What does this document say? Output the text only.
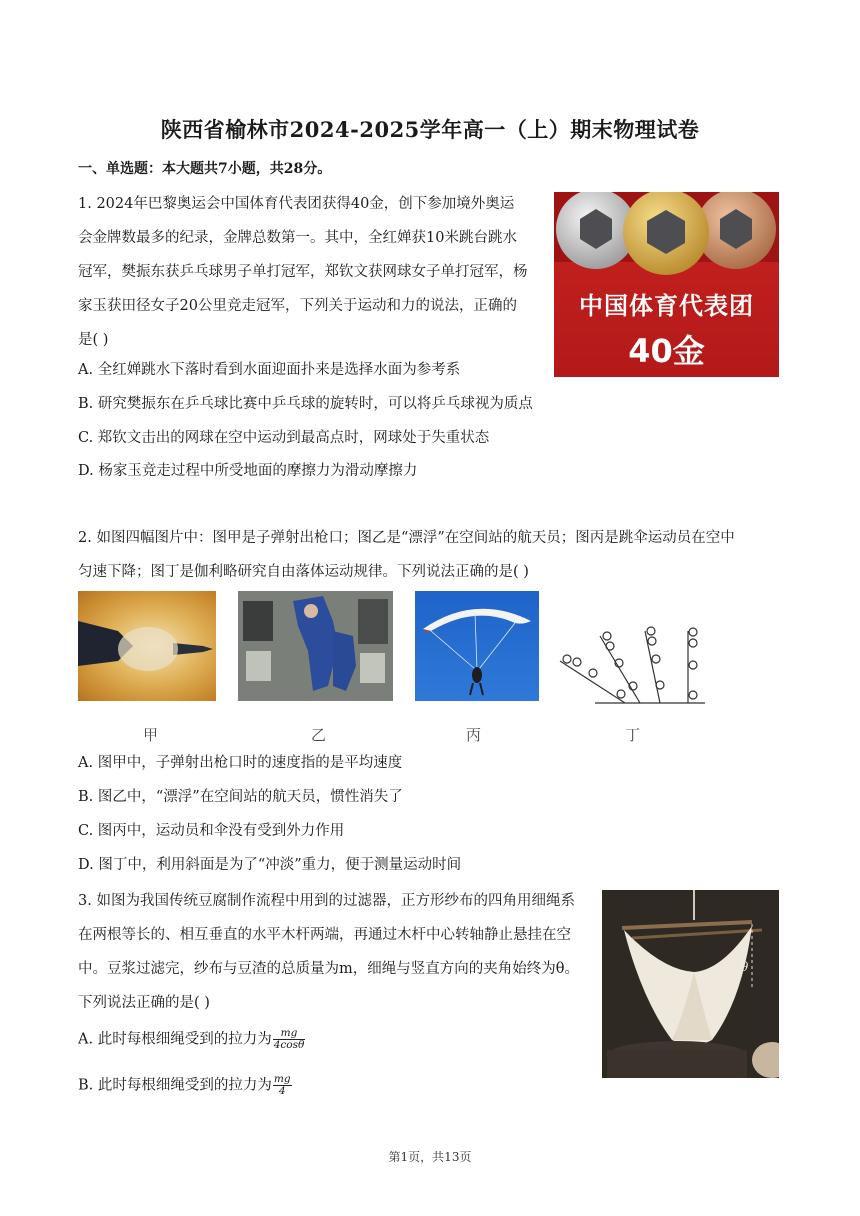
陕西省榆林市2024-2025学年高一（上）期末物理试卷
一、单选题：本大题共7小题，共28分。
1. 2024年巴黎奥运会中国体育代表团获得40金，创下参加境外奥运
会金牌数最多的纪录，金牌总数第一。其中，全红婵获10米跳台跳水
冠军，樊振东获乒乓球男子单打冠军，郑钦文获网球女子单打冠军，杨
家玉获田径女子20公里竞走冠军，下列关于运动和力的说法，正确的
是( )
A. 全红婵跳水下落时看到水面迎面扑来是选择水面为参考系
B. 研究樊振东在乒乓球比赛中乒乓球的旋转时，可以将乒乓球视为质点
C. 郑钦文击出的网球在空中运动到最高点时，网球处于失重状态
D. 杨家玉竞走过程中所受地面的摩擦力为滑动摩擦力
中国体育代表团
40金
2. 如图四幅图片中：图甲是子弹射出枪口；图乙是“漂浮”在空间站的航天员；图丙是跳伞运动员在空中
匀速下降；图丁是伽利略研究自由落体运动规律。下列说法正确的是( )
甲	乙	丙	丁
A. 图甲中，子弹射出枪口时的速度指的是平均速度
B. 图乙中，“漂浮”在空间站的航天员，惯性消失了
C. 图丙中，运动员和伞没有受到外力作用
D. 图丁中，利用斜面是为了“冲淡”重力，便于测量运动时间
3. 如图为我国传统豆腐制作流程中用到的过滤器，正方形纱布的四角用细绳系
在两根等长的、相互垂直的水平木杆两端，再通过木杆中心转轴静止悬挂在空
中。豆浆过滤完，纱布与豆渣的总质量为m，细绳与竖直方向的夹角始终为θ。
下列说法正确的是( )
A. 此时每根细绳受到的拉力为 $\frac{mg}{4\cos\theta}$
B. 此时每根细绳受到的拉力为 $\frac{mg}{4}$
θ
第1页，共13页
